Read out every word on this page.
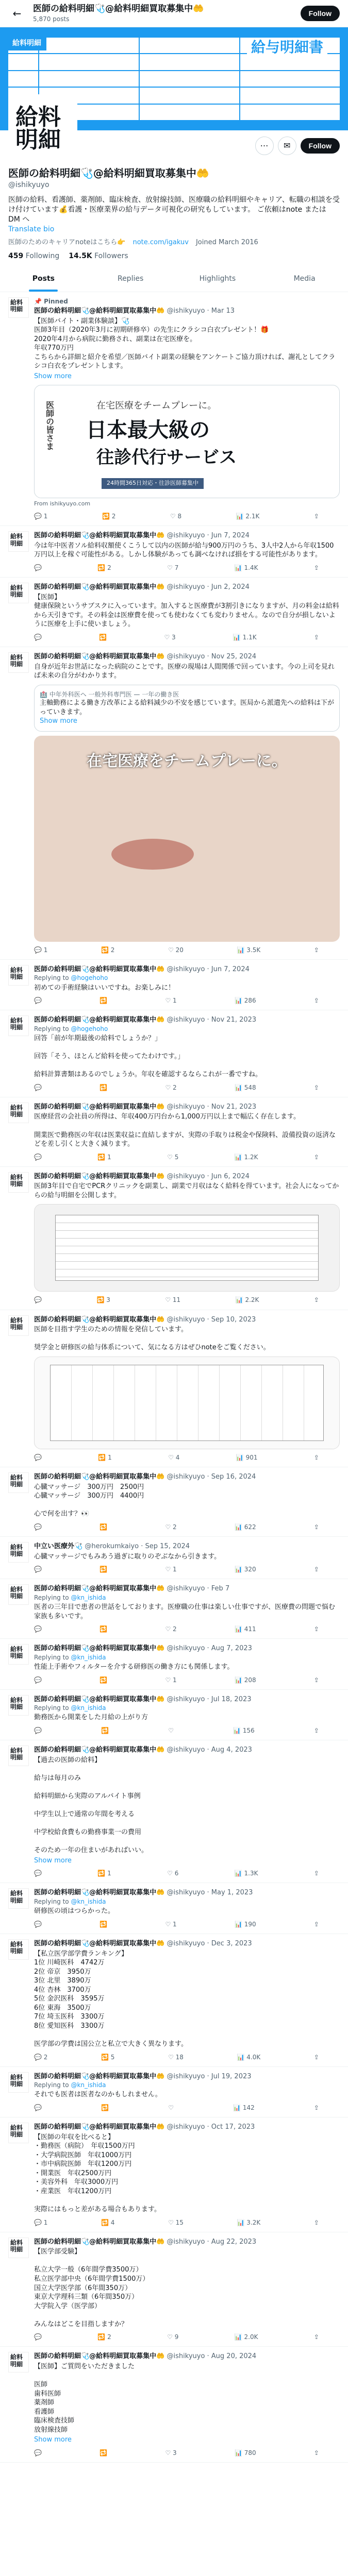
←	医師の給料明細🩺@給料明細買取募集中🤲
5,870 posts
Follow
給料明細	給与明細書
給料
明細	⋯	✉	Follow
医師の給料明細🩺@給料明細買取募集中🤲
@ishikyuyo
医師の給料、看護師、薬剤師、臨床検査、放射線技師、医療職の給料明細やキャリア、転職の相談を受け付けています💰看護・医療業界の給与データ可視化の研究もしています。 ご依頼はnote または DM へ
Translate bio
医師のためのキャリアnoteはこちら👉 note.com/igakuv Joined March 2016
459 Following 14.5K Followers
Posts	Replies	Highlights	Media
給料
明細
📌 Pinned
医師の給料明細🩺@給料明細買取募集中🤲 @ishikyuyo · Mar 13
【医師バイト・副業体験談】🩺
医師3年目（2020年3月に初期研修卒）の先生にクラシコ白衣プレゼント！🎁
2020年4月から病院に勤務され、副業は在宅医療を。
年収770万円
こちらから詳細と紹介を希望／医師バイト副業の経験をアンケートご協力頂ければ、謝礼としてクラシコ白衣をプレゼントします。
Show more
医師の皆さま	在宅医療をチームプレーに。
日本最大級の
往診代行サービス
24時間365日対応・往診医師募集中
From ishikyuyo.com
💬 1	🔁 2	♡ 8	📊 2.1K	⇪
給料
明細
医師の給料明細🩺@給料明細買取募集中🤲 @ishikyuyo · Jun 7, 2024
今は年中医者ソル給料収額使くこうして以内の医師が給与900万円のうち、3人中2人から年収1500万円以上を稼ぐ可能性がある。しかし体験があっても調べなければ損をする可能性があります。
💬	🔁 2	♡ 7	📊 1.4K	⇪
給料
明細
医師の給料明細🩺@給料明細買取募集中🤲 @ishikyuyo · Jun 2, 2024
【医師】
健康保険というサブスクに入っています。加入すると医療費が3割引きになりますが、月の料金は給料から天引きです。その料金は医療費を使っても使わなくても変わりません。なので自分が損しないように医療を上手に使いましょう。
💬	🔁	♡ 3	📊 1.1K	⇪
給料
明細
医師の給料明細🩺@給料明細買取募集中🤲 @ishikyuyo · Nov 25, 2024
自身が近年お世話になった病院のことです。医療の現場は人間関係で回っています。今の上司を見れば未来の自分がわかります。
🏥 中年外科医ヘ 一般外科専門医 — 一年の働き医
主軸勤務による働き方改革による給料減少の不安を感じています。医局から派遣先への給料は下がっていきます。
Show more
在宅医療をチームプレーに。
💬 1	🔁 2	♡ 20	📊 3.5K	⇪
給料
明細
医師の給料明細🩺@給料明細買取募集中🤲 @ishikyuyo · Jun 7, 2024
Replying to @hogehoho
初めての手術経験はいいですね。お楽しみに！
💬	🔁	♡ 1	📊 286	⇪
給料
明細
医師の給料明細🩺@給料明細買取募集中🤲 @ishikyuyo · Nov 21, 2023
Replying to @hogehoho
回答「前が年期最後の給料でしょうか？」

回答「そう、ほとんど給料を使ってたわけです。」

給料計算書類はあるのでしょうか。年収を確認するならこれが一番ですね。
💬	🔁	♡ 2	📊 548	⇪
給料
明細
医師の給料明細🩺@給料明細買取募集中🤲 @ishikyuyo · Nov 21, 2023
医療経営の会社員の所得は、年収400万円台から1,000万円以上まで幅広く存在します。

開業医で勤務医の年収は医業収益に直結しますが、実際の手取りは税金や保険料、設備投資の返済などを差し引くと大きく減ります。
💬	🔁 1	♡ 5	📊 1.2K	⇪
給料
明細
医師の給料明細🩺@給料明細買取募集中🤲 @ishikyuyo · Jun 6, 2024
医師3年目で自宅でPCRクリニックを副業し、副業で月収はなく給料を得ています。社会人になってからの給与明細を公開します。
💬	🔁 3	♡ 11	📊 2.2K	⇪
給料
明細
医師の給料明細🩺@給料明細買取募集中🤲 @ishikyuyo · Sep 10, 2023
医師を目指す学生のための情報を発信しています。

奨学金と研修医の給与体系について、気になる方はぜひnoteをご覧ください。
💬	🔁 1	♡ 4	📊 901	⇪
給料
明細
医師の給料明細🩺@給料明細買取募集中🤲 @ishikyuyo · Sep 16, 2024
心臓マッサージ　300万円　2500円
心臓マッサージ　300万円　4400円

心で何を出す？👀
💬	🔁	♡ 2	📊 622	⇪
給料
明細
中立い医療外🩺 @herokumkaiyo · Sep 15, 2024
心臓マッサージでもみあう過ぎに取りのぞぶなから引きます。
💬	🔁	♡ 1	📊 320	⇪
給料
明細
医師の給料明細🩺@給料明細買取募集中🤲 @ishikyuyo · Feb 7
Replying to @kn_ishida
医者の三年目で患者の世話をしております。医療職の仕事は楽しい仕事ですが、医療費の問題で悩む家族も多いです。
💬	🔁	♡ 2	📊 411	⇪
給料
明細
医師の給料明細🩺@給料明細買取募集中🤲 @ishikyuyo · Aug 7, 2023
Replying to @kn_ishida
性能上手術やフィルターを介する研修医の働き方にも関係します。
💬	🔁	♡ 1	📊 208	⇪
給料
明細
医師の給料明細🩺@給料明細買取募集中🤲 @ishikyuyo · Jul 18, 2023
Replying to @kn_ishida
勤務医から開業をした月給の上がり方
💬	🔁	♡	📊 156	⇪
給料
明細
医師の給料明細🩺@給料明細買取募集中🤲 @ishikyuyo · Aug 4, 2023
【過去の医師の給料】

給与は毎月のみ

給料明細から実際のアルバイト事例

中学生以上で通常の年間を考える

中学校給食費もの勤務事業一の費用

そのため一年の住まいがあればいい。
Show more
💬	🔁 1	♡ 6	📊 1.3K	⇪
給料
明細
医師の給料明細🩺@給料明細買取募集中🤲 @ishikyuyo · May 1, 2023
Replying to @kn_ishida
研修医の頃はつらかった。
💬	🔁	♡ 1	📊 190	⇪
給料
明細
医師の給料明細🩺@給料明細買取募集中🤲 @ishikyuyo · Dec 3, 2023
【私立医学部学費ランキング】
1位 川崎医科　4742万
2位 帝京　3950万
3位 北里　3890万
4位 杏林　3700万
5位 金沢医科　3595万
6位 東海　3500万
7位 埼玉医科　3300万
8位 愛知医科　3300万

医学部の学費は国公立と私立で大きく異なります。
💬 2	🔁 5	♡ 18	📊 4.0K	⇪
給料
明細
医師の給料明細🩺@給料明細買取募集中🤲 @ishikyuyo · Jul 19, 2023
Replying to @kn_ishida
それでも医者は医者なのかもしれません。
💬	🔁	♡	📊 142	⇪
給料
明細
医師の給料明細🩺@給料明細買取募集中🤲 @ishikyuyo · Oct 17, 2023
【医師の年収を比べると】
・勤務医（病院）　年収1500万円
・大学病院医師　年収1000万円
・市中病院医師　年収1200万円
・開業医　年収2500万円
・美容外科　年収3000万円
・産業医　年収1200万円

実際にはもっと差がある場合もあります。
💬 1	🔁 4	♡ 15	📊 3.2K	⇪
給料
明細
医師の給料明細🩺@給料明細買取募集中🤲 @ishikyuyo · Aug 22, 2023
【医学部受験】

私立大学一般（6年間学費3500万）
私立医学部中央（6年間学費1500万）
国立大学医学部（6年間350万）
東京大学理科三類（6年間350万）
大学院入学（医学部）

みんなはどこを目指しますか？
💬	🔁 2	♡ 9	📊 2.0K	⇪
給料
明細
医師の給料明細🩺@給料明細買取募集中🤲 @ishikyuyo · Aug 20, 2024
【医師】ご質問をいただきました

医師
歯科医師
薬剤師
看護師
臨床検査技師
放射線技師
Show more
💬	🔁	♡ 3	📊 780	⇪
